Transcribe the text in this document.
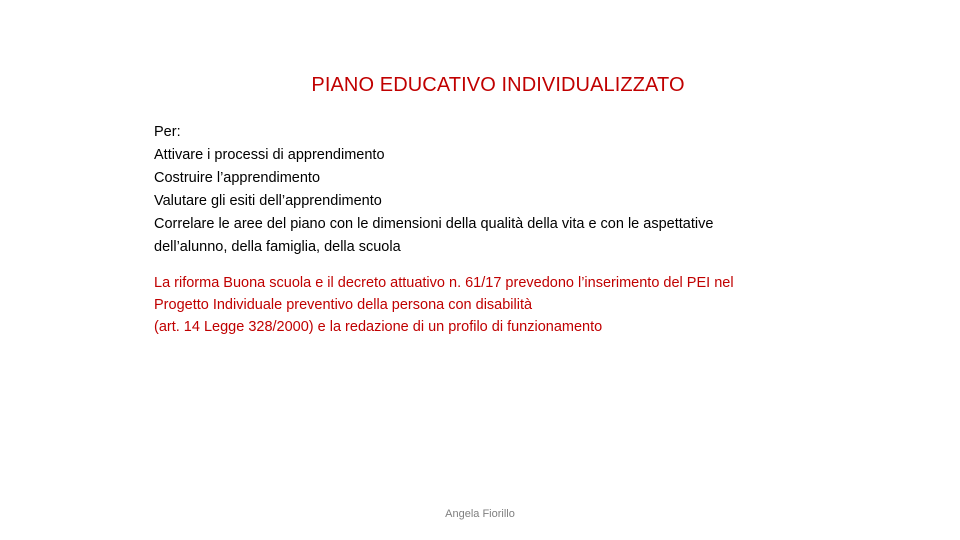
PIANO EDUCATIVO INDIVIDUALIZZATO
Per:
Attivare i processi di apprendimento
Costruire l’apprendimento
Valutare gli esiti dell’apprendimento
Correlare le aree del piano con le dimensioni della qualità della vita e con le aspettative
dell’alunno, della famiglia, della scuola
La riforma Buona scuola e il decreto attuativo n. 61/17 prevedono l’inserimento del PEI nel
Progetto Individuale preventivo della persona con disabilità
(art. 14 Legge 328/2000) e la redazione di un profilo di funzionamento
Angela Fiorillo
